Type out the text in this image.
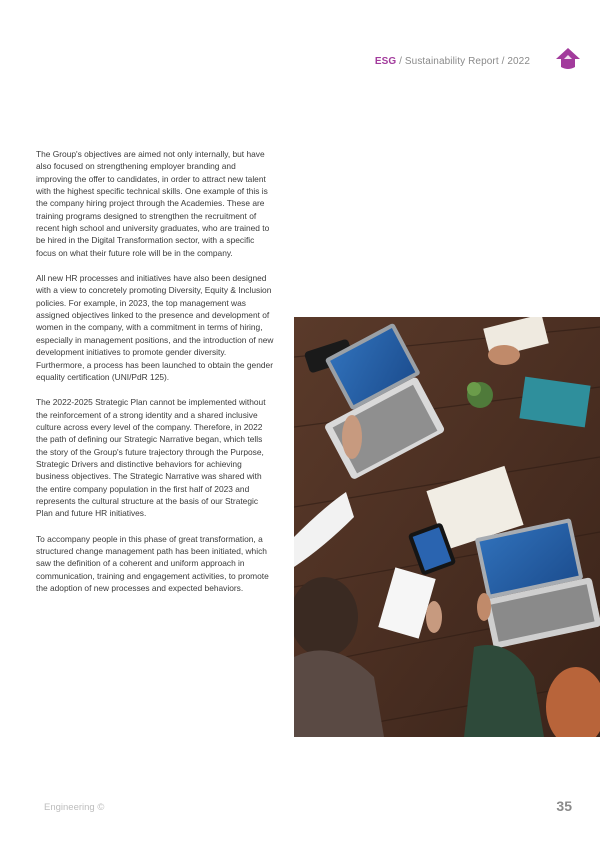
ESG / Sustainability Report / 2022

The Group's objectives are aimed not only internally, but have also focused on strengthening employer branding and improving the offer to candidates, in order to attract new talent with the highest specific technical skills. One example of this is the company hiring project through the Academies. These are training programs designed to strengthen the recruitment of recent high school and university graduates, who are trained to be hired in the Digital Transformation sector, with a specific focus on what their future role will be in the company.

All new HR processes and initiatives have also been designed with a view to concretely promoting Diversity, Equity & Inclusion policies. For example, in 2023, the top management was assigned objectives linked to the presence and development of women in the company, with a commitment in terms of hiring, especially in management positions, and the introduction of new development initiatives to promote gender diversity. Furthermore, a process has been launched to obtain the gender equality certification (UNI/PdR 125).

The 2022-2025 Strategic Plan cannot be implemented without the reinforcement of a strong identity and a shared inclusive culture across every level of the company. Therefore, in 2022 the path of defining our Strategic Narrative began, which tells the story of the Group's future trajectory through the Purpose, Strategic Drivers and distinctive behaviors for achieving business objectives. The Strategic Narrative was shared with the entire company population in the first half of 2023 and represents the cultural structure at the basis of our Strategic Plan and future HR initiatives.

To accompany people in this phase of great transformation, a structured change management path has been initiated, which saw the definition of a coherent and uniform approach in communication, training and engagement activities, to promote the adoption of new processes and expected behaviors.

Engineering ©	35
